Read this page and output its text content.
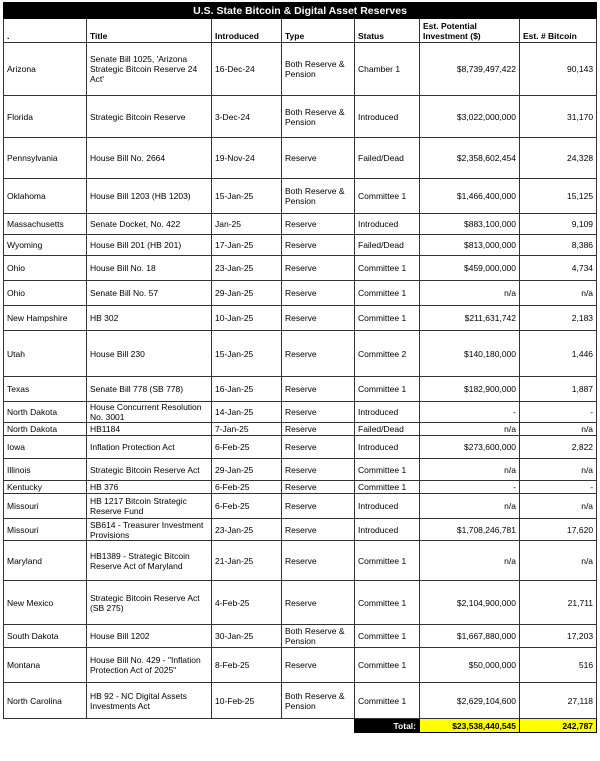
U.S. State Bitcoin & Digital Asset Reserves						
.	Title	Introduced	Type	Status	Est. Potential Investment ($)	Est. # Bitcoin
Arizona	Senate Bill 1025, 'Arizona Strategic Bitcoin Reserve 24 Act'	16-Dec-24	Both Reserve & Pension	Chamber 1	$8,739,497,422	90,143
Florida	Strategic Bitcoin Reserve	3-Dec-24	Both Reserve & Pension	Introduced	$3,022,000,000	31,170
Pennsylvania	House Bill No. 2664	19-Nov-24	Reserve	Failed/Dead	$2,358,602,454	24,328
Oklahoma	House Bill 1203 (HB 1203)	15-Jan-25	Both Reserve & Pension	Committee 1	$1,466,400,000	15,125
Massachusetts	Senate Docket, No. 422	Jan-25	Reserve	Introduced	$883,100,000	9,109
Wyoming	House Bill 201 (HB 201)	17-Jan-25	Reserve	Failed/Dead	$813,000,000	8,386
Ohio	House Bill No. 18	23-Jan-25	Reserve	Committee 1	$459,000,000	4,734
Ohio	Senate Bill No. 57	29-Jan-25	Reserve	Committee 1	n/a	n/a
New Hampshire	HB 302	10-Jan-25	Reserve	Committee 1	$211,631,742	2,183
Utah	House Bill 230	15-Jan-25	Reserve	Committee 2	$140,180,000	1,446
Texas	Senate Bill 778 (SB 778)	16-Jan-25	Reserve	Committee 1	$182,900,000	1,887
North Dakota	House Concurrent Resolution No. 3001	14-Jan-25	Reserve	Introduced	-	-
North Dakota	HB1184	7-Jan-25	Reserve	Failed/Dead	n/a	n/a
Iowa	Inflation Protection Act	6-Feb-25	Reserve	Introduced	$273,600,000	2,822
Illinois	Strategic Bitcoin Reserve Act	29-Jan-25	Reserve	Committee 1	n/a	n/a
Kentucky	HB 376	6-Feb-25	Reserve	Committee 1	-	-
Missouri	HB 1217 Bitcoin Strategic Reserve Fund	6-Feb-25	Reserve	Introduced	n/a	n/a
Missouri	SB614 - Treasurer Investment Provisions	23-Jan-25	Reserve	Introduced	$1,708,246,781	17,620
Maryland	HB1389 - Strategic Bitcoin Reserve Act of Maryland	21-Jan-25	Reserve	Committee 1	n/a	n/a
New Mexico	Strategic Bitcoin Reserve Act (SB 275)	4-Feb-25	Reserve	Committee 1	$2,104,900,000	21,711
South Dakota	House Bill 1202	30-Jan-25	Both Reserve & Pension	Committee 1	$1,667,880,000	17,203
Montana	House Bill No. 429 - "Inflation Protection Act of 2025"	8-Feb-25	Reserve	Committee 1	$50,000,000	516
North Carolina	HB 92 - NC Digital Assets Investments Act	10-Feb-25	Both Reserve & Pension	Committee 1	$2,629,104,600	27,118
				Total:	$23,538,440,545	242,787
